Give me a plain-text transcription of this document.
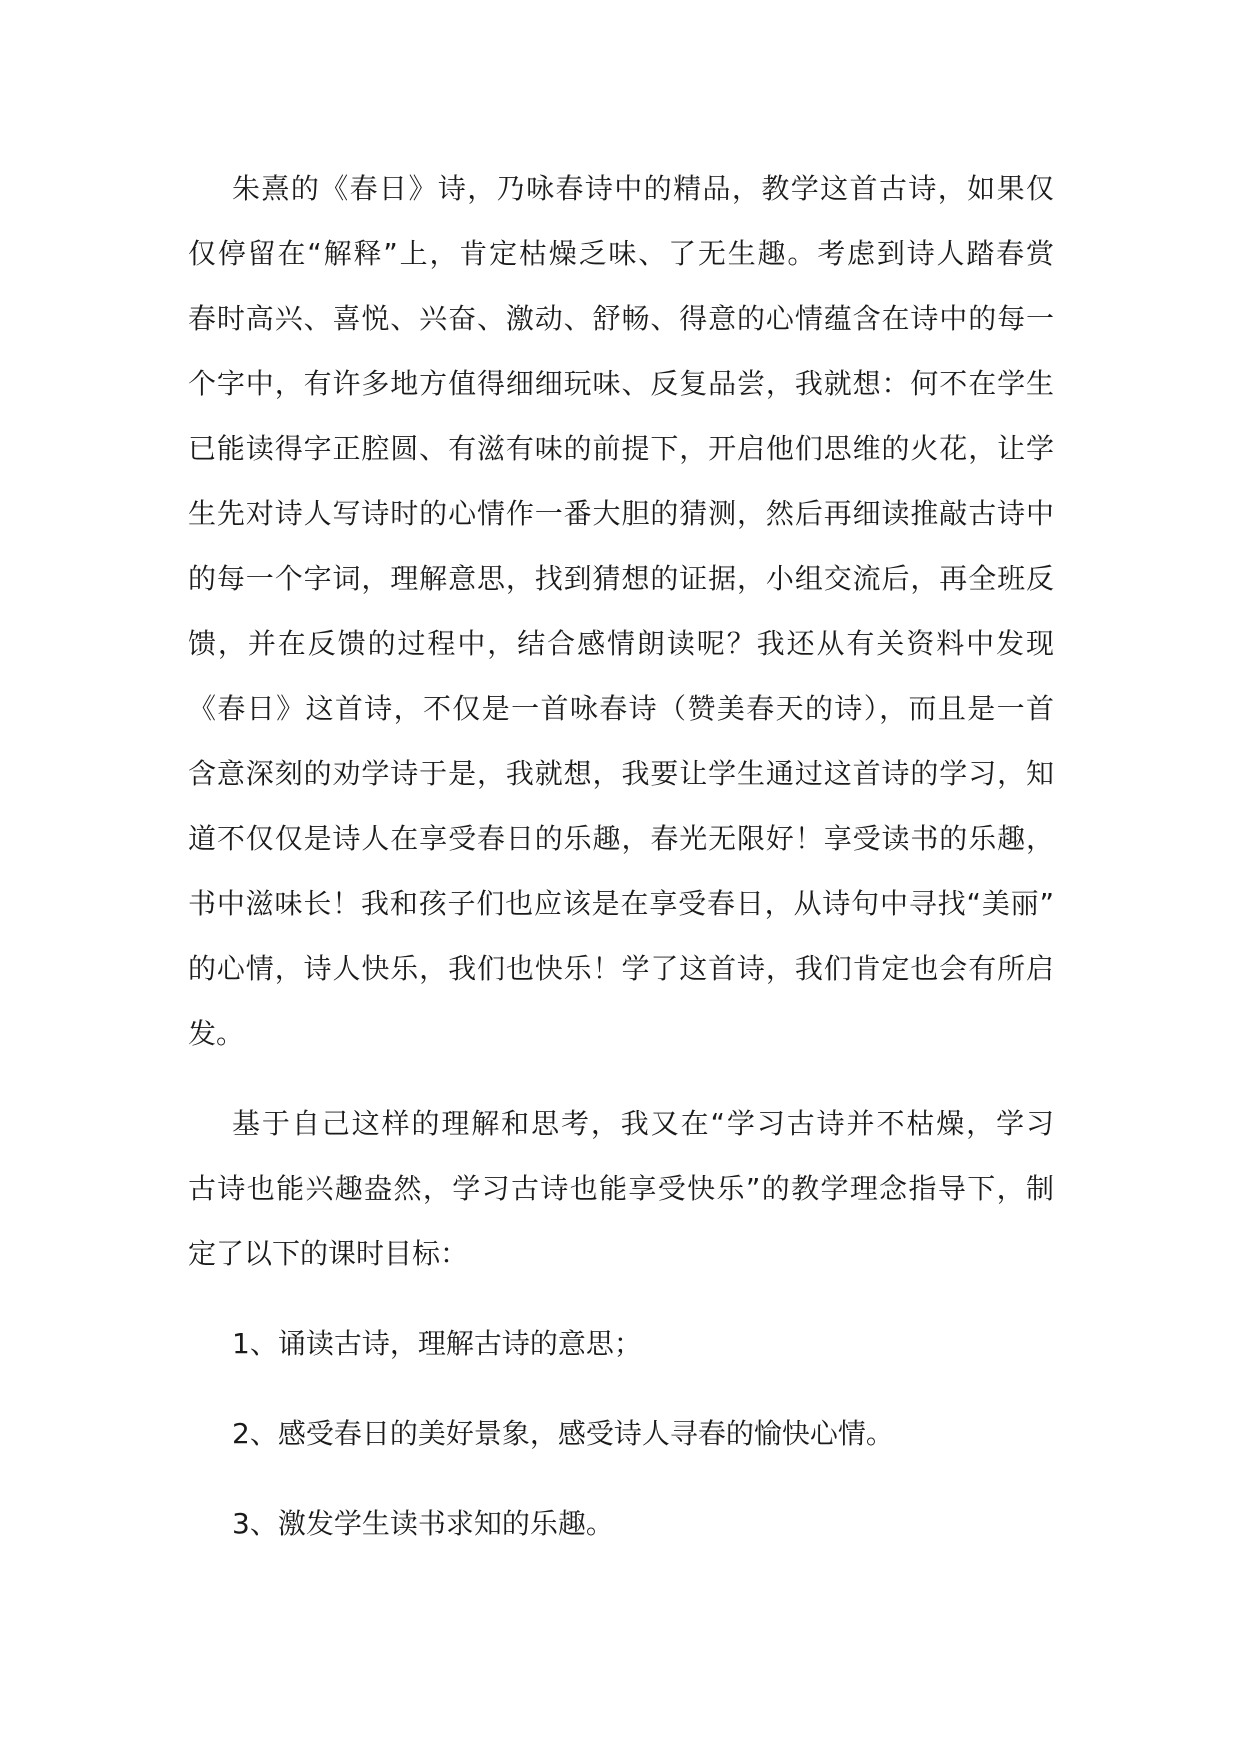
朱熹的《春日》诗，乃咏春诗中的精品，教学这首古诗，如果仅
仅停留在“解释”上，肯定枯燥乏味、了无生趣。考虑到诗人踏春赏
春时高兴、喜悦、兴奋、激动、舒畅、得意的心情蕴含在诗中的每一
个字中，有许多地方值得细细玩味、反复品尝，我就想：何不在学生
已能读得字正腔圆、有滋有味的前提下，开启他们思维的火花，让学
生先对诗人写诗时的心情作一番大胆的猜测，然后再细读推敲古诗中
的每一个字词，理解意思，找到猜想的证据，小组交流后，再全班反
馈，并在反馈的过程中，结合感情朗读呢？我还从有关资料中发现
《春日》这首诗，不仅是一首咏春诗（赞美春天的诗），而且是一首
含意深刻的劝学诗于是，我就想，我要让学生通过这首诗的学习，知
道不仅仅是诗人在享受春日的乐趣，春光无限好！享受读书的乐趣，
书中滋味长！我和孩子们也应该是在享受春日，从诗句中寻找“美丽”
的心情，诗人快乐，我们也快乐！学了这首诗，我们肯定也会有所启
发。
基于自己这样的理解和思考，我又在“学习古诗并不枯燥，学习
古诗也能兴趣盎然，学习古诗也能享受快乐”的教学理念指导下，制
定了以下的课时目标：
1、诵读古诗，理解古诗的意思；
2、感受春日的美好景象，感受诗人寻春的愉快心情。
3、激发学生读书求知的乐趣。
